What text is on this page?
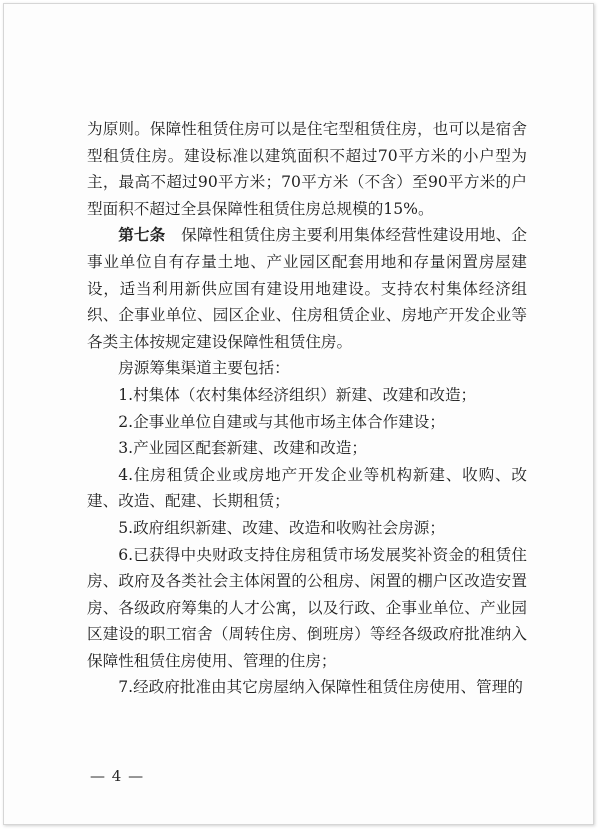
为原则。保障性租赁住房可以是住宅型租赁住房，也可以是宿舍型租赁住房。建设标准以建筑面积不超过70平方米的小户型为主，最高不超过90平方米；70平方米（不含）至90平方米的户型面积不超过全县保障性租赁住房总规模的15%。

第七条　保障性租赁住房主要利用集体经营性建设用地、企事业单位自有存量土地、产业园区配套用地和存量闲置房屋建设，适当利用新供应国有建设用地建设。支持农村集体经济组织、企事业单位、园区企业、住房租赁企业、房地产开发企业等各类主体按规定建设保障性租赁住房。

房源筹集渠道主要包括：

1.村集体（农村集体经济组织）新建、改建和改造；

2.企事业单位自建或与其他市场主体合作建设；

3.产业园区配套新建、改建和改造；

4.住房租赁企业或房地产开发企业等机构新建、收购、改建、改造、配建、长期租赁；

5.政府组织新建、改建、改造和收购社会房源；

6.已获得中央财政支持住房租赁市场发展奖补资金的租赁住房、政府及各类社会主体闲置的公租房、闲置的棚户区改造安置房、各级政府筹集的人才公寓，以及行政、企事业单位、产业园区建设的职工宿舍（周转住房、倒班房）等经各级政府批准纳入保障性租赁住房使用、管理的住房；

7.经政府批准由其它房屋纳入保障性租赁住房使用、管理的

— 4 —
